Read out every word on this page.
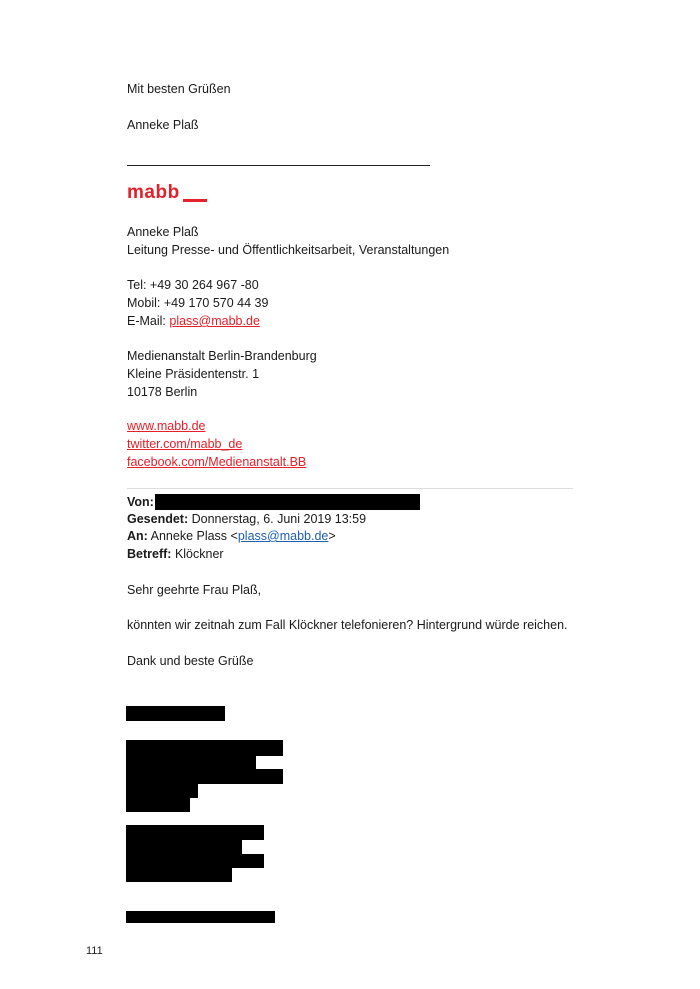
Mit besten Grüßen
Anneke Plaß
mabb
Anneke Plaß
Leitung Presse- und Öffentlichkeitsarbeit, Veranstaltungen
Tel: +49 30 264 967 -80
Mobil: +49 170 570 44 39
E-Mail: plass@mabb.de
Medienanstalt Berlin-Brandenburg
Kleine Präsidentenstr. 1
10178 Berlin
www.mabb.de
twitter.com/mabb_de
facebook.com/Medienanstalt.BB
Von:
Gesendet: Donnerstag, 6. Juni 2019 13:59
An: Anneke Plass <plass@mabb.de>
Betreff: Klöckner
Sehr geehrte Frau Plaß,
könnten wir zeitnah zum Fall Klöckner telefonieren? Hintergrund würde reichen.
Dank und beste Grüße
111
